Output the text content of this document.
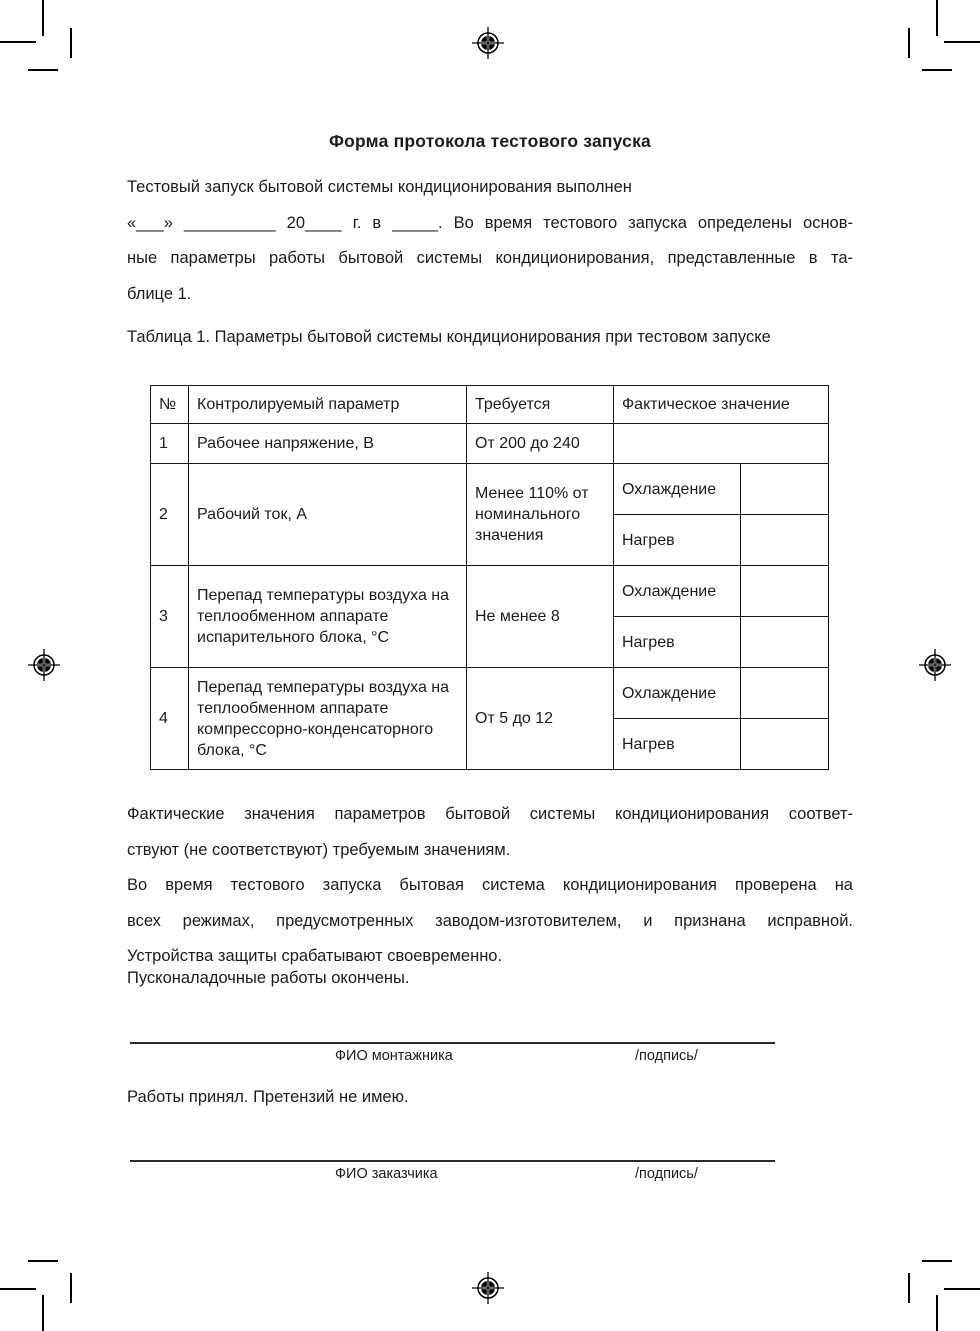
Форма протокола тестового запуска
Тестовый запуск бытовой системы кондиционирования выполнен
«___» __________ 20____ г. в _____. Во время тестового запуска определены основ-
ные параметры работы бытовой системы кондиционирования, представленные в та-
блице 1.
Таблица 1. Параметры бытовой системы кондиционирования при тестовом запуске
№	Контролируемый параметр	Требуется	Фактическое значение	
1	Рабочее напряжение, В	От 200 до 240		
2	Рабочий ток, А	Менее 110% от номинального значения	Охлаждение	
			Нагрев	
3	Перепад температуры воздуха на теплообменном аппарате испарительного блока, °С	Не менее 8	Охлаждение	
			Нагрев	
4	Перепад температуры воздуха на теплообменном аппарате компрессорно-конденсаторного блока, °С	От 5 до 12	Охлаждение	
			Нагрев	
Фактические значения параметров бытовой системы кондиционирования соответ-
ствуют (не соответствуют) требуемым значениям.
Во время тестового запуска бытовая система кондиционирования проверена на
всех режимах, предусмотренных заводом-изготовителем, и признана исправной.
Устройства защиты срабатывают своевременно.
Пусконаладочные работы окончены.
ФИО монтажника	/подпись/
Работы принял. Претензий не имею.
ФИО заказчика	/подпись/
